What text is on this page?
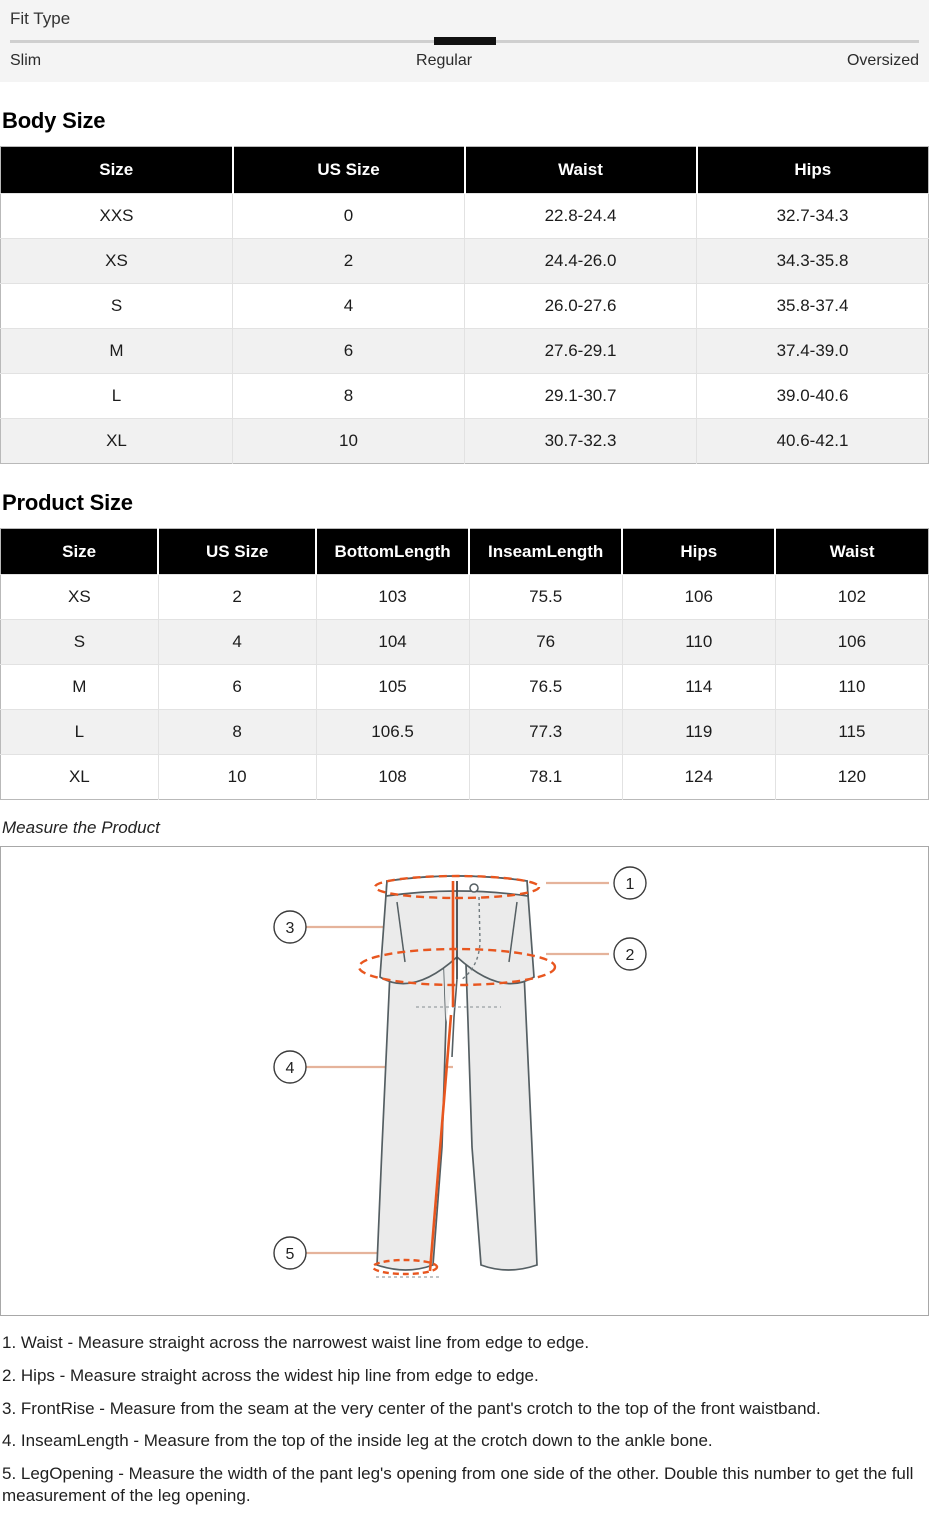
Fit Type
Slim	Regular	Oversized
Body Size
Size	US Size	Waist	Hips
XXS	0	22.8-24.4	32.7-34.3
XS	2	24.4-26.0	34.3-35.8
S	4	26.0-27.6	35.8-37.4
M	6	27.6-29.1	37.4-39.0
L	8	29.1-30.7	39.0-40.6
XL	10	30.7-32.3	40.6-42.1
Product Size
Size	US Size	BottomLength	InseamLength	Hips	Waist
XS	2	103	75.5	106	102
S	4	104	76	110	106
M	6	105	76.5	114	110
L	8	106.5	77.3	119	115
XL	10	108	78.1	124	120
Measure the Product
1
2
3
4
5
1. Waist - Measure straight across the narrowest waist line from edge to edge.
2. Hips - Measure straight across the widest hip line from edge to edge.
3. FrontRise - Measure from the seam at the very center of the pant's crotch to the top of the front waistband.
4. InseamLength - Measure from the top of the inside leg at the crotch down to the ankle bone.
5. LegOpening - Measure the width of the pant leg's opening from one side of the other. Double this number to get the full measurement of the leg opening.
